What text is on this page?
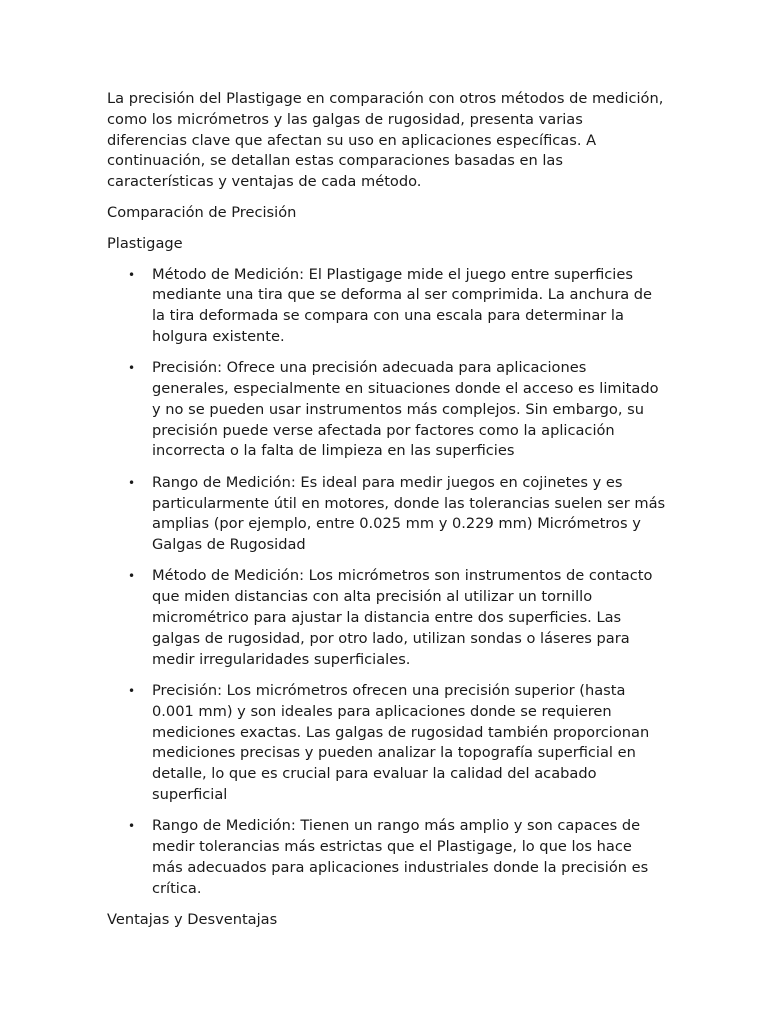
La precisión del Plastigage en comparación con otros métodos de medición, como los micrómetros y las galgas de rugosidad, presenta varias diferencias clave que afectan su uso en aplicaciones específicas. A continuación, se detallan estas comparaciones basadas en las características y ventajas de cada método.

Comparación de Precisión

Plastigage

• Método de Medición: El Plastigage mide el juego entre superficies mediante una tira que se deforma al ser comprimida. La anchura de la tira deformada se compara con una escala para determinar la holgura existente.
• Precisión: Ofrece una precisión adecuada para aplicaciones generales, especialmente en situaciones donde el acceso es limitado y no se pueden usar instrumentos más complejos. Sin embargo, su precisión puede verse afectada por factores como la aplicación incorrecta o la falta de limpieza en las superficies
• Rango de Medición: Es ideal para medir juegos en cojinetes y es particularmente útil en motores, donde las tolerancias suelen ser más amplias (por ejemplo, entre 0.025 mm y 0.229 mm) Micrómetros y Galgas de Rugosidad
• Método de Medición: Los micrómetros son instrumentos de contacto que miden distancias con alta precisión al utilizar un tornillo micrométrico para ajustar la distancia entre dos superficies. Las galgas de rugosidad, por otro lado, utilizan sondas o láseres para medir irregularidades superficiales.
• Precisión: Los micrómetros ofrecen una precisión superior (hasta 0.001 mm) y son ideales para aplicaciones donde se requieren mediciones exactas. Las galgas de rugosidad también proporcionan mediciones precisas y pueden analizar la topografía superficial en detalle, lo que es crucial para evaluar la calidad del acabado superficial
• Rango de Medición: Tienen un rango más amplio y son capaces de medir tolerancias más estrictas que el Plastigage, lo que los hace más adecuados para aplicaciones industriales donde la precisión es crítica.

Ventajas y Desventajas
